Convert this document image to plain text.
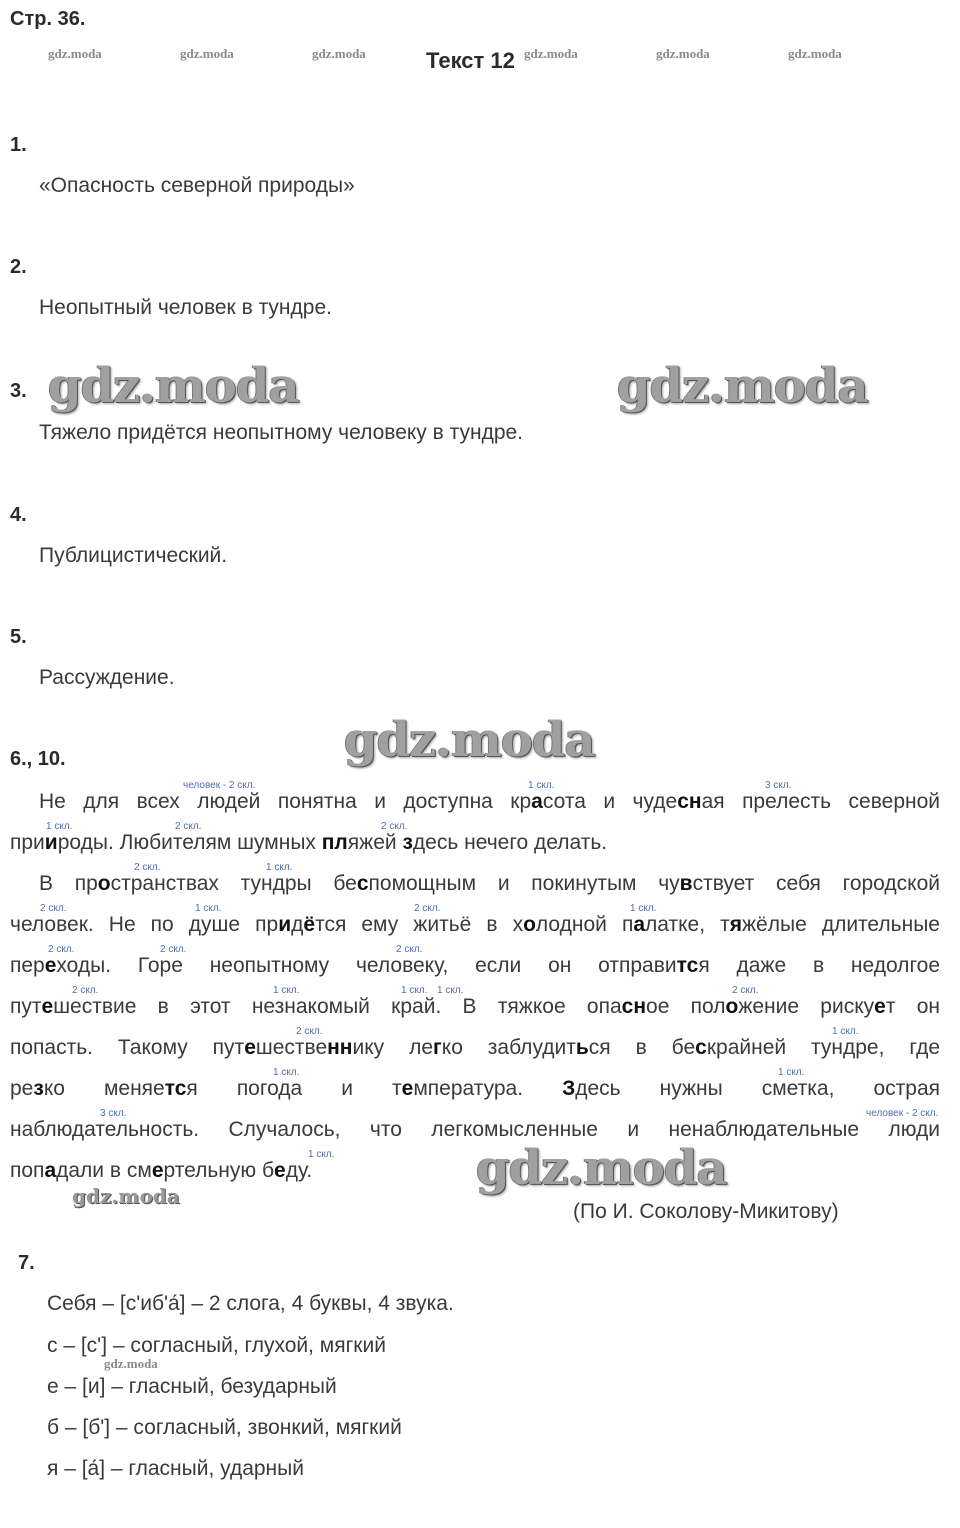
Стр. 36.
Текст 12
gdz.moda	gdz.moda	gdz.moda	gdz.moda	gdz.moda	gdz.moda
1.
«Опасность северной природы»
2.
Неопытный человек в тундре.
3.
Тяжело придётся неопытному человеку в тундре.
4.
Публицистический.
5.
Рассуждение.
gdz.moda	gdz.moda
gdz.moda
gdz.moda
gdz.moda
gdz.moda
6., 10.
человек - 2 скл.	1 скл.	3 скл.
1 скл.	2 скл.	2 скл.
2 скл.	1 скл.
2 скл.	1 скл.	2 скл.	1 скл.
2 скл.	2 скл.	2 скл.
1 скл.	1 скл.	2 скл.
2 скл.	1 скл.
2 скл.	1 скл.
1 скл.	1 скл.
3 скл.	человек - 2 скл.
1 скл.
Не для всех людей понятна и доступна красота и чудесная прелесть северной
приироды. Любителям шумных пляжей здесь нечего делать.
В пространствах тундры беспомощным и покинутым чувствует себя городской
человек. Не по душе придётся ему житьё в холодной палатке, тяжёлые длительные
переходы. Горе неопытному человеку, если он отправится даже в недолгое
путешествие в этот незнакомый край. В тяжкое опасное положение рискует он
попасть. Такому путешественнику легко заблудиться в бескрайней тундре, где
резко меняется погода и температура. Здесь нужны сметка, острая
наблюдательность. Случалось, что легкомысленные и ненаблюдательные люди
попадали в смертельную беду.
(По И. Соколову-Микитову)
7.
Себя – [с'иб'а́] – 2 слога, 4 буквы, 4 звука.
с – [с'] – согласный, глухой, мягкий
е – [и] – гласный, безударный
б – [б'] – согласный, звонкий, мягкий
я – [а́] – гласный, ударный
